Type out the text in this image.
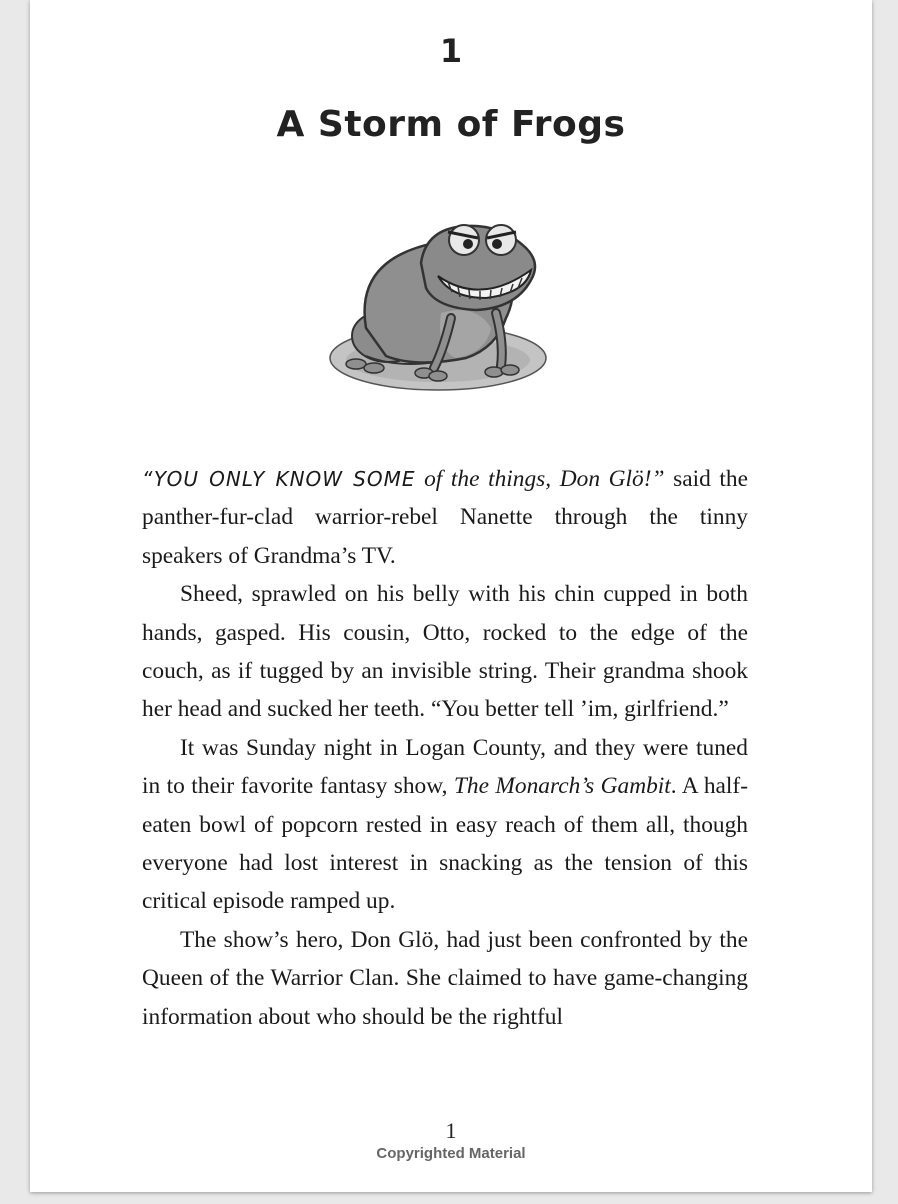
1
A Storm of Frogs

“YOU ONLY KNOW SOME of the things, Don Glö!” said the panther-fur-clad warrior-rebel Nanette through the tinny speakers of Grandma’s TV.

Sheed, sprawled on his belly with his chin cupped in both hands, gasped. His cousin, Otto, rocked to the edge of the couch, as if tugged by an invisible string. Their grandma shook her head and sucked her teeth. “You better tell ’im, girlfriend.”

It was Sunday night in Logan County, and they were tuned in to their favorite fantasy show, The Monarch’s Gambit. A half-eaten bowl of popcorn rested in easy reach of them all, though everyone had lost interest in snacking as the tension of this critical episode ramped up.

The show’s hero, Don Glö, had just been confronted by the Queen of the Warrior Clan. She claimed to have game-changing information about who should be the rightful

1
Copyrighted Material
